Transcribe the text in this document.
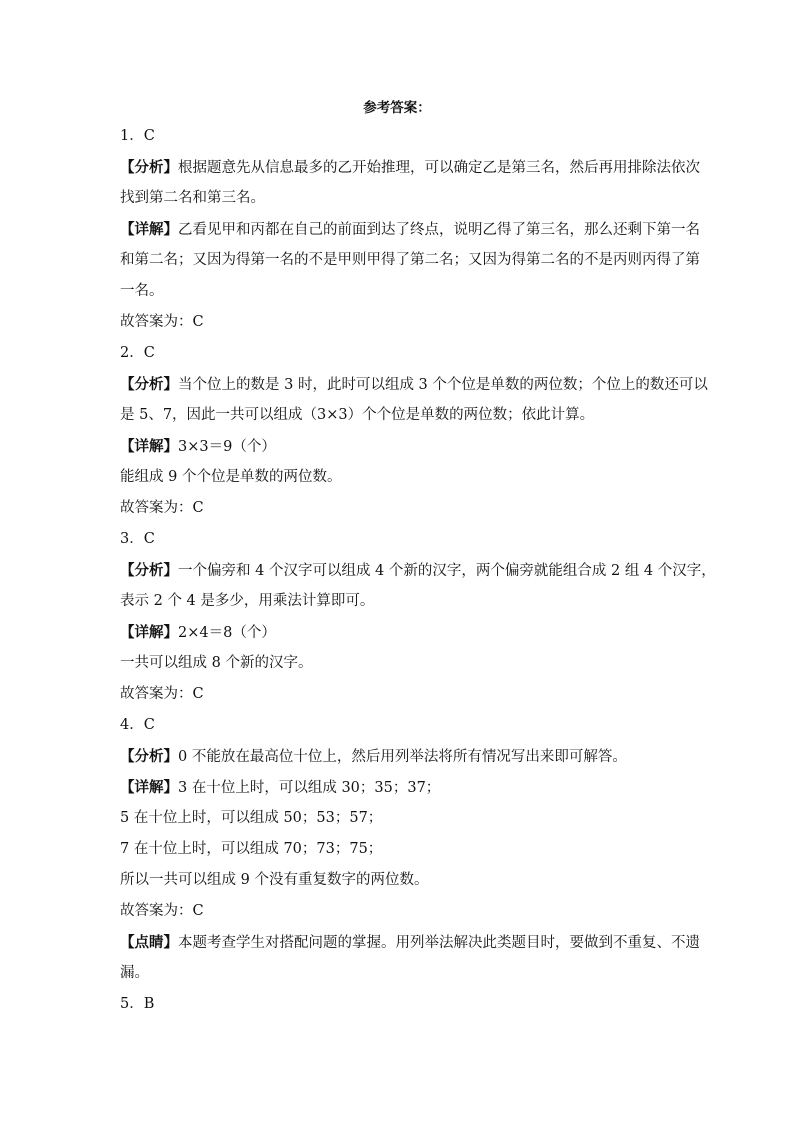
参考答案：
1．C
【分析】根据题意先从信息最多的乙开始推理，可以确定乙是第三名，然后再用排除法依次
找到第二名和第三名。
【详解】乙看见甲和丙都在自己的前面到达了终点，说明乙得了第三名，那么还剩下第一名
和第二名；又因为得第一名的不是甲则甲得了第二名；又因为得第二名的不是丙则丙得了第
一名。
故答案为：C
2．C
【分析】当个位上的数是 3 时，此时可以组成 3 个个位是单数的两位数；个位上的数还可以
是 5、7，因此一共可以组成（3×3）个个位是单数的两位数；依此计算。
【详解】3×3＝9（个）
能组成 9 个个位是单数的两位数。
故答案为：C
3．C
【分析】一个偏旁和 4 个汉字可以组成 4 个新的汉字，两个偏旁就能组合成 2 组 4 个汉字，
表示 2 个 4 是多少，用乘法计算即可。
【详解】2×4＝8（个）
一共可以组成 8 个新的汉字。
故答案为：C
4．C
【分析】0 不能放在最高位十位上，然后用列举法将所有情况写出来即可解答。
【详解】3 在十位上时，可以组成 30；35；37；
5 在十位上时，可以组成 50；53；57；
7 在十位上时，可以组成 70；73；75；
所以一共可以组成 9 个没有重复数字的两位数。
故答案为：C
【点睛】本题考查学生对搭配问题的掌握。用列举法解决此类题目时，要做到不重复、不遗
漏。
5．B
